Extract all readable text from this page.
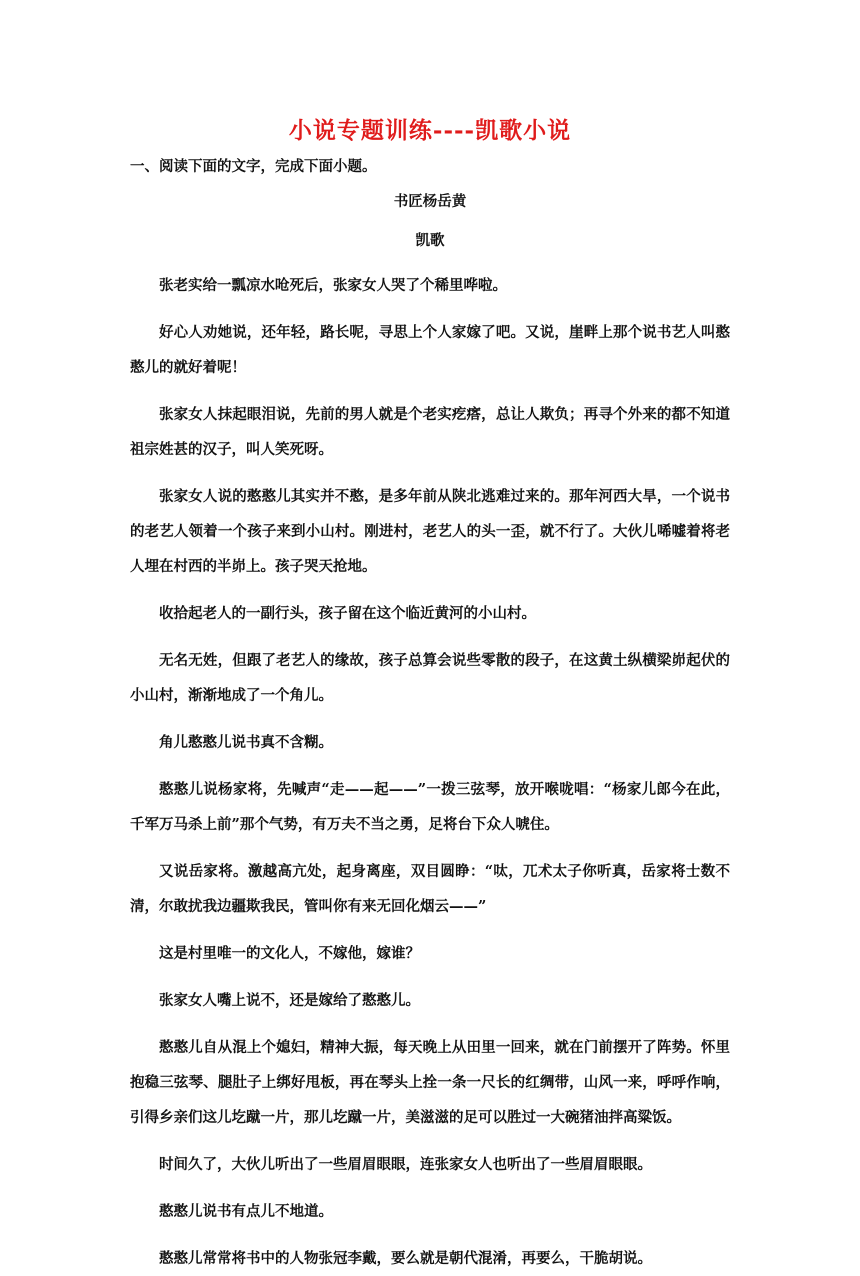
小说专题训练----凯歌小说
一、阅读下面的文字，完成下面小题。
书匠杨岳黄
凯歌

张老实给一瓢凉水呛死后，张家女人哭了个稀里哗啦。

好心人劝她说，还年轻，路长呢，寻思上个人家嫁了吧。又说，崖畔上那个说书艺人叫憨憨儿的就好着呢！

张家女人抹起眼泪说，先前的男人就是个老实疙瘩，总让人欺负；再寻个外来的都不知道祖宗姓甚的汉子，叫人笑死呀。

张家女人说的憨憨儿其实并不憨，是多年前从陕北逃难过来的。那年河西大旱，一个说书的老艺人领着一个孩子来到小山村。刚进村，老艺人的头一歪，就不行了。大伙儿唏嘘着将老人埋在村西的半峁上。孩子哭天抢地。

收拾起老人的一副行头，孩子留在这个临近黄河的小山村。

无名无姓，但跟了老艺人的缘故，孩子总算会说些零散的段子，在这黄土纵横梁峁起伏的小山村，渐渐地成了一个角儿。

角儿憨憨儿说书真不含糊。

憨憨儿说杨家将，先喊声“走——起——”一拨三弦琴，放开喉咙唱：“杨家儿郎今在此，千军万马杀上前”那个气势，有万夫不当之勇，足将台下众人唬住。

又说岳家将。激越高亢处，起身离座，双目圆睁：“呔，兀术太子你听真，岳家将士数不清，尔敢扰我边疆欺我民，管叫你有来无回化烟云——”

这是村里唯一的文化人，不嫁他，嫁谁？

张家女人嘴上说不，还是嫁给了憨憨儿。

憨憨儿自从混上个媳妇，精神大振，每天晚上从田里一回来，就在门前摆开了阵势。怀里抱稳三弦琴、腿肚子上绑好甩板，再在琴头上拴一条一尺长的红绸带，山风一来，呼呼作响，引得乡亲们这儿圪蹴一片，那儿圪蹴一片，美滋滋的足可以胜过一大碗猪油拌高粱饭。

时间久了，大伙儿听出了一些眉眉眼眼，连张家女人也听出了一些眉眉眼眼。

憨憨儿说书有点儿不地道。

憨憨儿常常将书中的人物张冠李戴，要么就是朝代混淆，再要么，干脆胡说。
